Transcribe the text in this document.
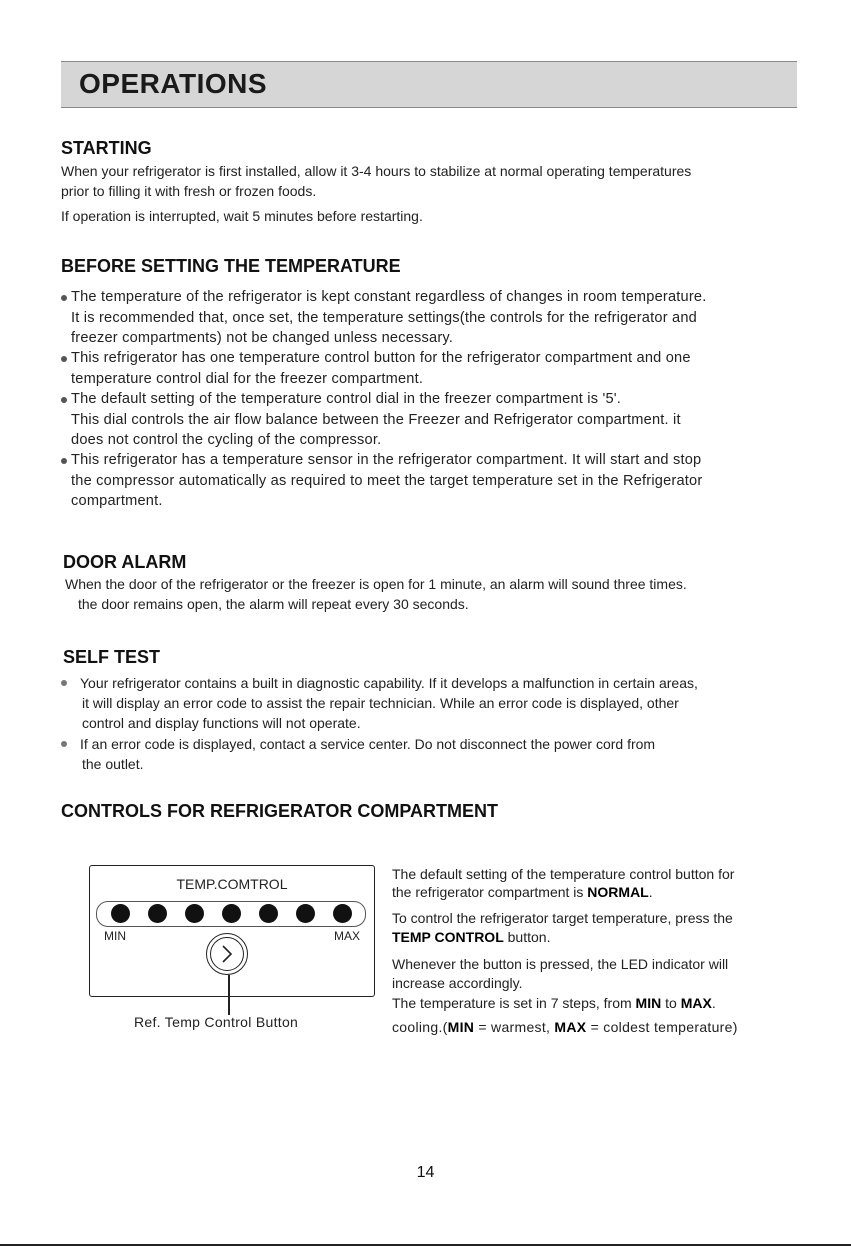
OPERATIONS
STARTING
When your refrigerator is first installed, allow it 3-4 hours to stabilize at normal operating temperatures
prior to filling it with fresh or frozen foods.
If operation is interrupted, wait 5 minutes before restarting.
BEFORE SETTING THE TEMPERATURE
The temperature of the refrigerator is kept constant regardless of changes in room temperature.
It is recommended that, once set, the temperature settings(the controls for the refrigerator and
freezer compartments) not be changed unless necessary.
This refrigerator has one temperature control button for the refrigerator compartment and one
temperature control dial for the freezer compartment.
The default setting of the temperature control dial in the freezer compartment is '5'.
This dial controls the air flow balance between the Freezer and Refrigerator compartment. it
does not control the cycling of the compressor.
This refrigerator has a temperature sensor in the refrigerator compartment. It will start and stop
the compressor automatically as required to meet the target temperature set in the Refrigerator
compartment.
DOOR ALARM
When the door of the refrigerator or the freezer is open for 1 minute, an alarm will sound three times.
the door remains open, the alarm will repeat every 30 seconds.
SELF TEST
Your refrigerator contains a built in diagnostic capability. If it develops a malfunction in certain areas,
it will display an error code to assist the repair technician. While an error code is displayed, other
control and display functions will not operate.
If an error code is displayed, contact a service center. Do not disconnect the power cord from
the outlet.
CONTROLS FOR REFRIGERATOR COMPARTMENT
TEMP.COMTROL
MIN	MAX
Ref. Temp Control Button
The default setting of the temperature control button for
the refrigerator compartment is NORMAL.
To control the refrigerator target temperature, press the
TEMP CONTROL button.
Whenever the button is pressed, the LED indicator will
increase accordingly.
The temperature is set in 7 steps, from MIN to MAX.
cooling.(MIN = warmest, MAX = coldest temperature)
14
